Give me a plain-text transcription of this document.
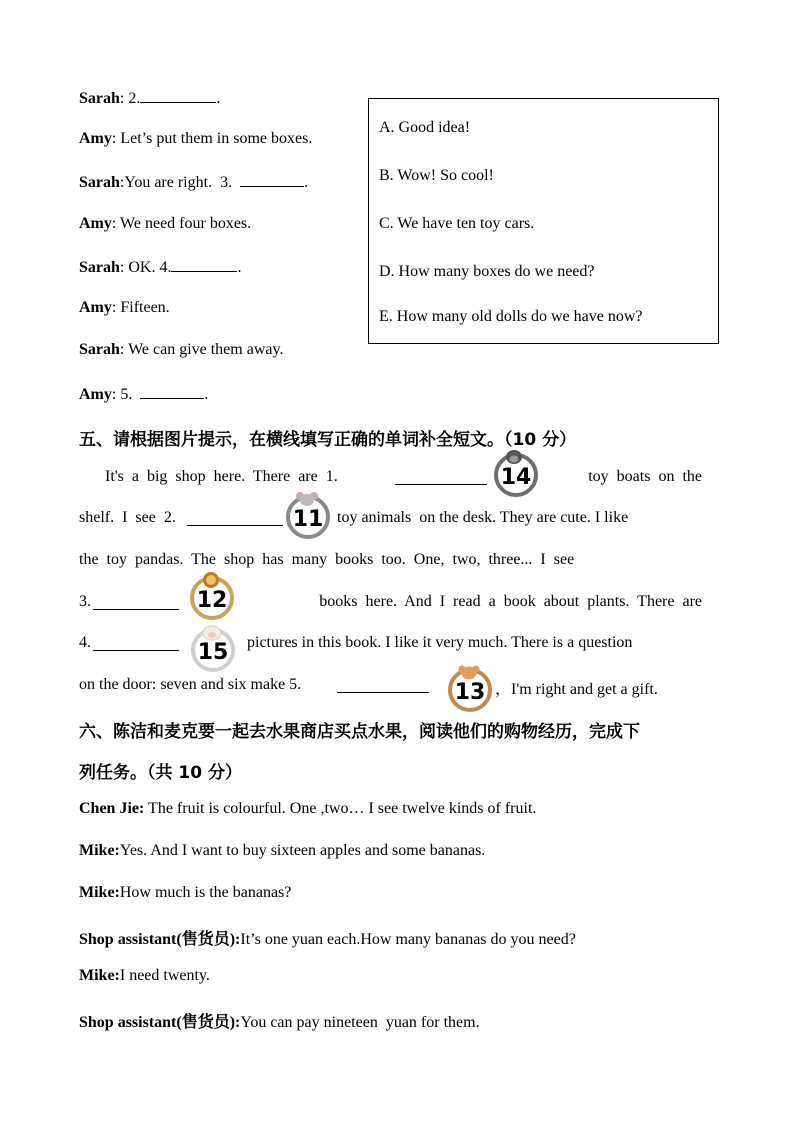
Sarah: 2.	.
Amy: Let’s put them in some boxes.
Sarah:You are right.  3.	.
Amy: We need four boxes.
Sarah: OK. 4.	.
Amy: Fifteen.
Sarah: We can give them away.
Amy: 5.	.
A. Good idea!
B. Wow! So cool!
C. We have ten toy cars.
D. How many boxes do we need?
E. How many old dolls do we have now?
五、请根据图片提示，在横线填写正确的单词补全短文。（10 分）
It's  a  big  shop  here.  There  are  1.	toy  boats  on  the
shelf.  I  see  2.	toy animals  on the desk. They are cute. I like
the  toy  pandas.  The  shop  has  many  books  too.  One,  two,  three...  I  see
3.	books  here.  And  I  read  a  book  about  plants.  There  are
4.	pictures in this book. I like it very much. There is a question
on the door: seven and six make 5.	，I'm right and get a gift.
14
11
12
15
13
六、陈洁和麦克要一起去水果商店买点水果，阅读他们的购物经历，完成下
列任务。（共 10 分）
Chen Jie: The fruit is colourful. One ,two… I see twelve kinds of fruit.
Mike:Yes. And I want to buy sixteen apples and some bananas.
Mike:How much is the bananas?
Shop assistant(售货员):It’s one yuan each.How many bananas do you need?
Mike:I need twenty.
Shop assistant(售货员):You can pay nineteen  yuan for them.
